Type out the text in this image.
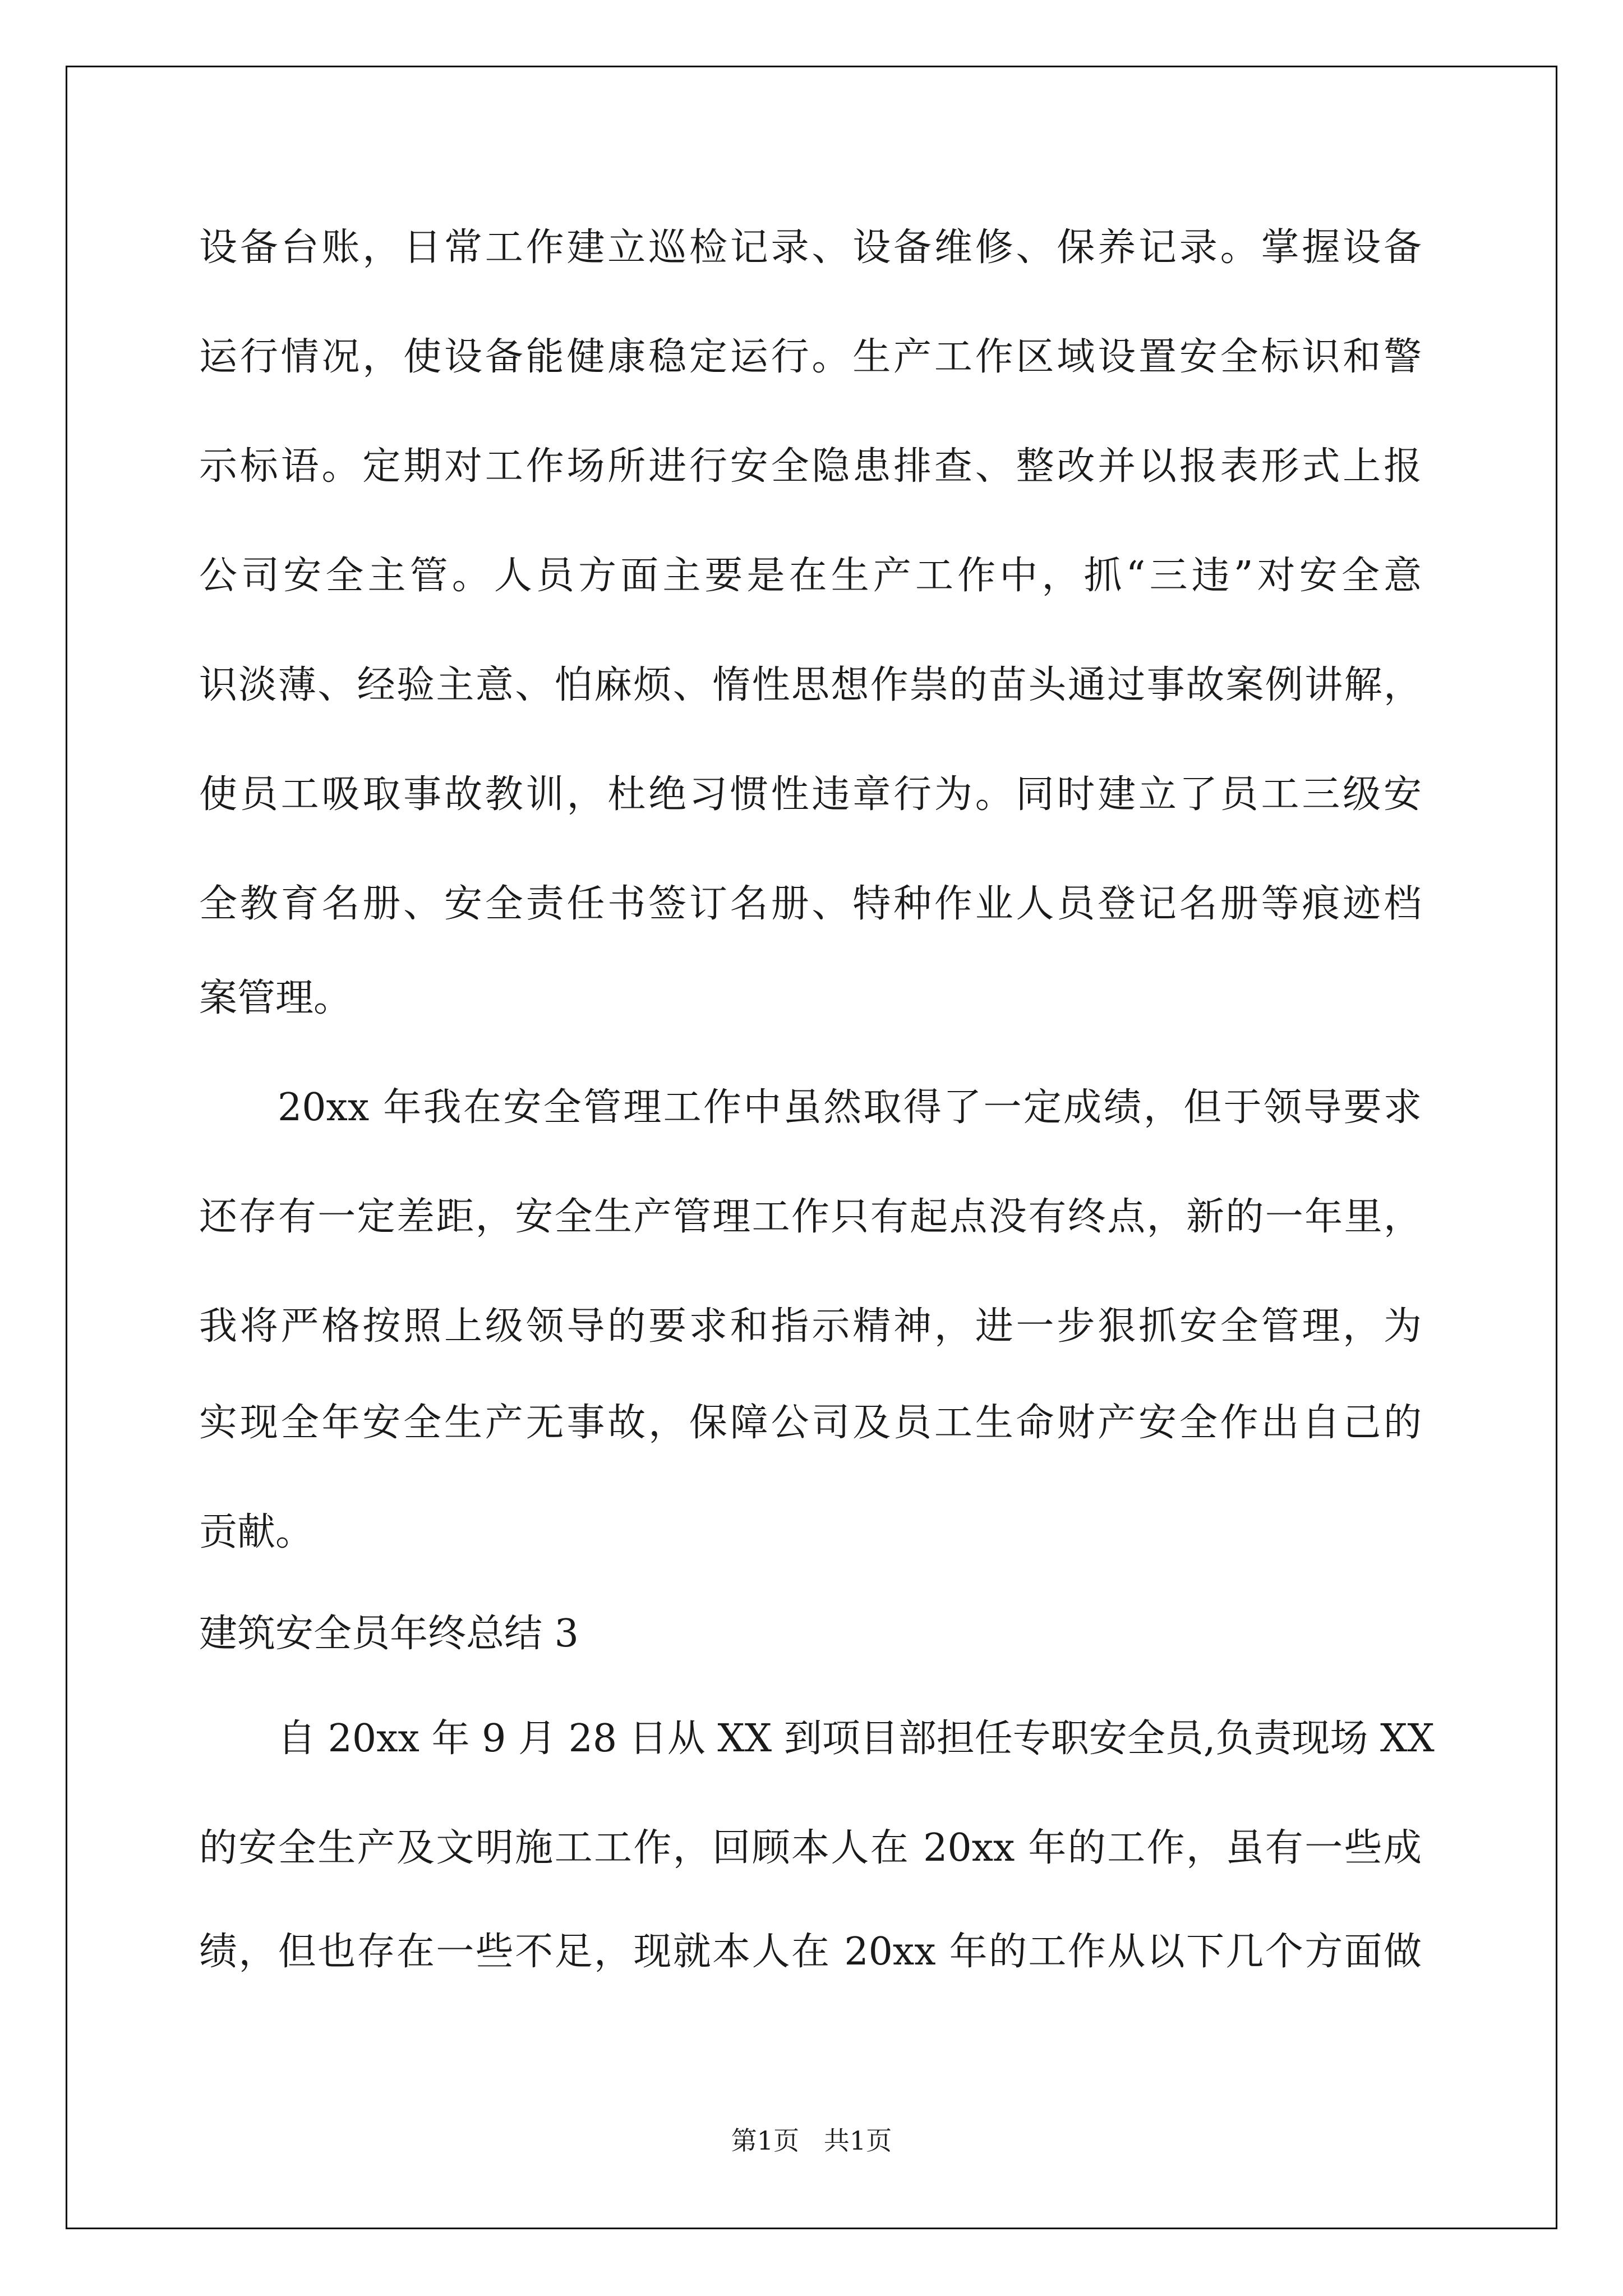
设备台账，日常工作建立巡检记录、设备维修、保养记录。掌握设备
运行情况，使设备能健康稳定运行。生产工作区域设置安全标识和警
示标语。定期对工作场所进行安全隐患排查、整改并以报表形式上报
公司安全主管。人员方面主要是在生产工作中，抓“三违”对安全意
识淡薄、经验主意、怕麻烦、惰性思想作祟的苗头通过事故案例讲解，
使员工吸取事故教训，杜绝习惯性违章行为。同时建立了员工三级安
全教育名册、安全责任书签订名册、特种作业人员登记名册等痕迹档
案管理。
20xx 年我在安全管理工作中虽然取得了一定成绩，但于领导要求
还存有一定差距，安全生产管理工作只有起点没有终点，新的一年里，
我将严格按照上级领导的要求和指示精神，进一步狠抓安全管理，为
实现全年安全生产无事故，保障公司及员工生命财产安全作出自己的
贡献。
建筑安全员年终总结 3
自 20xx 年 9 月 28 日从 XX 到项目部担任专职安全员,负责现场 XX
的安全生产及文明施工工作，回顾本人在 20xx 年的工作，虽有一些成
绩，但也存在一些不足，现就本人在 20xx 年的工作从以下几个方面做
第1页   共1页
